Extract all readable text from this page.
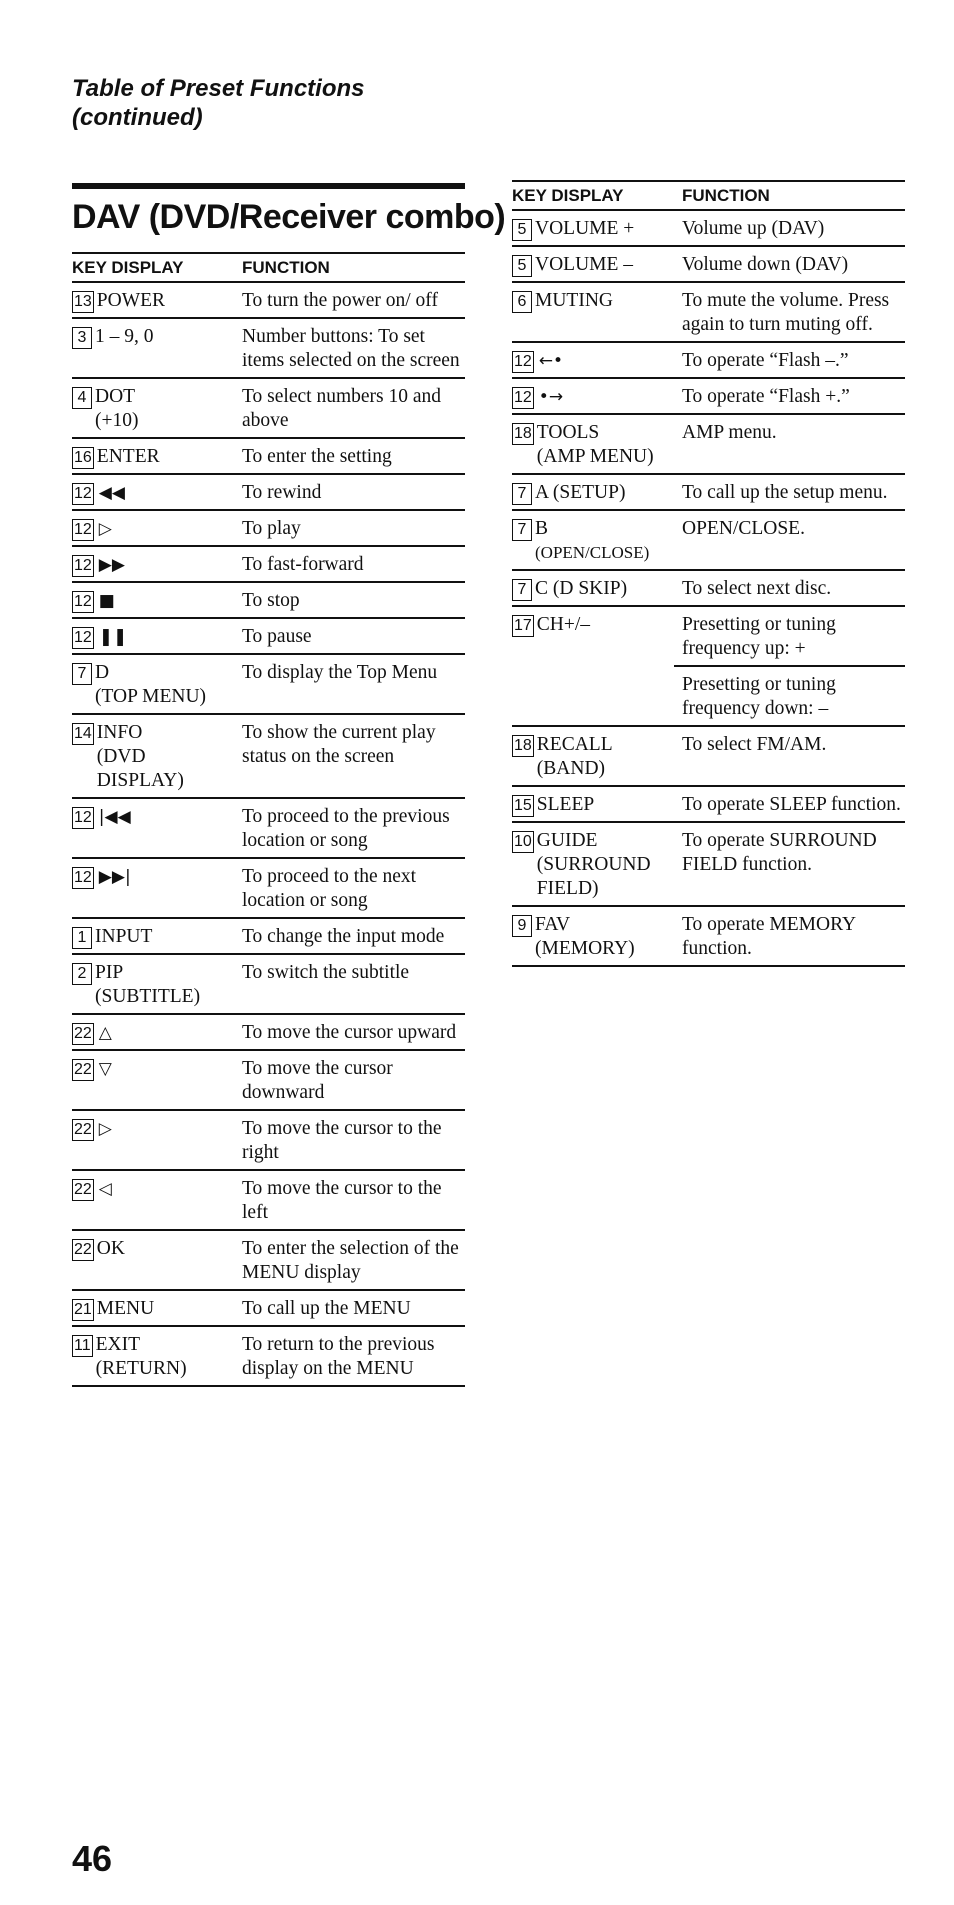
Table of Preset Functions
(continued)
DAV (DVD/Receiver combo)
KEY DISPLAY	FUNCTION

13 POWER	To turn the power on/ off

3 1 – 9, 0	Number buttons: To set items selected on the screen

4 DOT
(+10)	To select numbers 10 and above

16 ENTER	To enter the setting

12 ◀◀	To rewind

12 ▷	To play

12 ▶▶	To fast-forward

12 ■	To stop

12 ❚❚	To pause

7 D
(TOP MENU)	To display the Top Menu

14 INFO
(DVD
DISPLAY)	To show the current play status on the screen

12 |◀◀	To proceed to the previous location or song

12 ▶▶|	To proceed to the next location or song

1 INPUT	To change the input mode

2 PIP
(SUBTITLE)	To switch the subtitle

22 △	To move the cursor upward

22 ▽	To move the cursor downward

22 ▷	To move the cursor to the right

22 ◁	To move the cursor to the left

22 OK	To enter the selection of the MENU display

21 MENU	To call up the MENU

11 EXIT
(RETURN)	To return to the previous display on the MENU
KEY DISPLAY	FUNCTION

5 VOLUME +	Volume up (DAV)

5 VOLUME –	Volume down (DAV)

6 MUTING	To mute the volume. Press again to turn muting off.

12 ←•	To operate “Flash –.”

12 •→	To operate “Flash +.”

18 TOOLS
(AMP MENU)	AMP menu.

7 A (SETUP)	To call up the setup menu.

7 B
(OPEN/CLOSE)	OPEN/CLOSE.

7 C (D SKIP)	To select next disc.

17 CH+/–	Presetting or tuning frequency up: +
	Presetting or tuning frequency down: –

18 RECALL
(BAND)	To select FM/AM.

15 SLEEP	To operate SLEEP function.

10 GUIDE
(SURROUND
FIELD)	To operate SURROUND FIELD function.

9 FAV
(MEMORY)	To operate MEMORY function.
46
